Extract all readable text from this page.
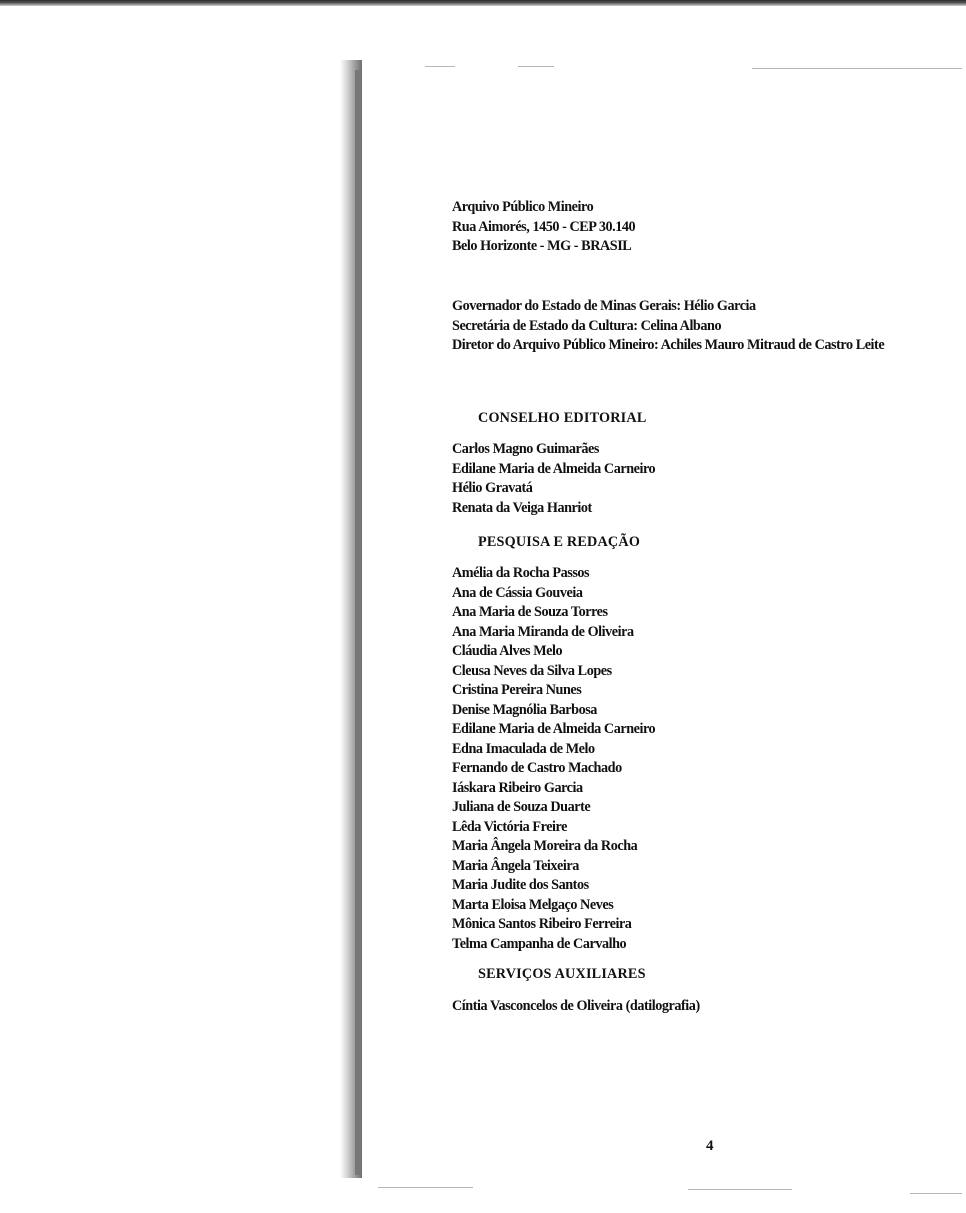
Arquivo Público Mineiro
Rua Aimorés, 1450 - CEP 30.140
Belo Horizonte - MG - BRASIL
Governador do Estado de Minas Gerais: Hélio Garcia
Secretária de Estado da Cultura: Celina Albano
Diretor do Arquivo Público Mineiro: Achiles Mauro Mitraud de Castro Leite
CONSELHO EDITORIAL
Carlos Magno Guimarães
Edilane Maria de Almeida Carneiro
Hélio Gravatá
Renata da Veiga Hanriot
PESQUISA E REDAÇÃO
Amélia da Rocha Passos
Ana de Cássia Gouveia
Ana Maria de Souza Torres
Ana Maria Miranda de Oliveira
Cláudia Alves Melo
Cleusa Neves da Silva Lopes
Cristina Pereira Nunes
Denise Magnólia Barbosa
Edilane Maria de Almeida Carneiro
Edna Imaculada de Melo
Fernando de Castro Machado
Iáskara Ribeiro Garcia
Juliana de Souza Duarte
Lêda Victória Freire
Maria Ângela Moreira da Rocha
Maria Ângela Teixeira
Maria Judite dos Santos
Marta Eloisa Melgaço Neves
Mônica Santos Ribeiro Ferreira
Telma Campanha de Carvalho
SERVIÇOS AUXILIARES
Cíntia Vasconcelos de Oliveira (datilografia)
4
